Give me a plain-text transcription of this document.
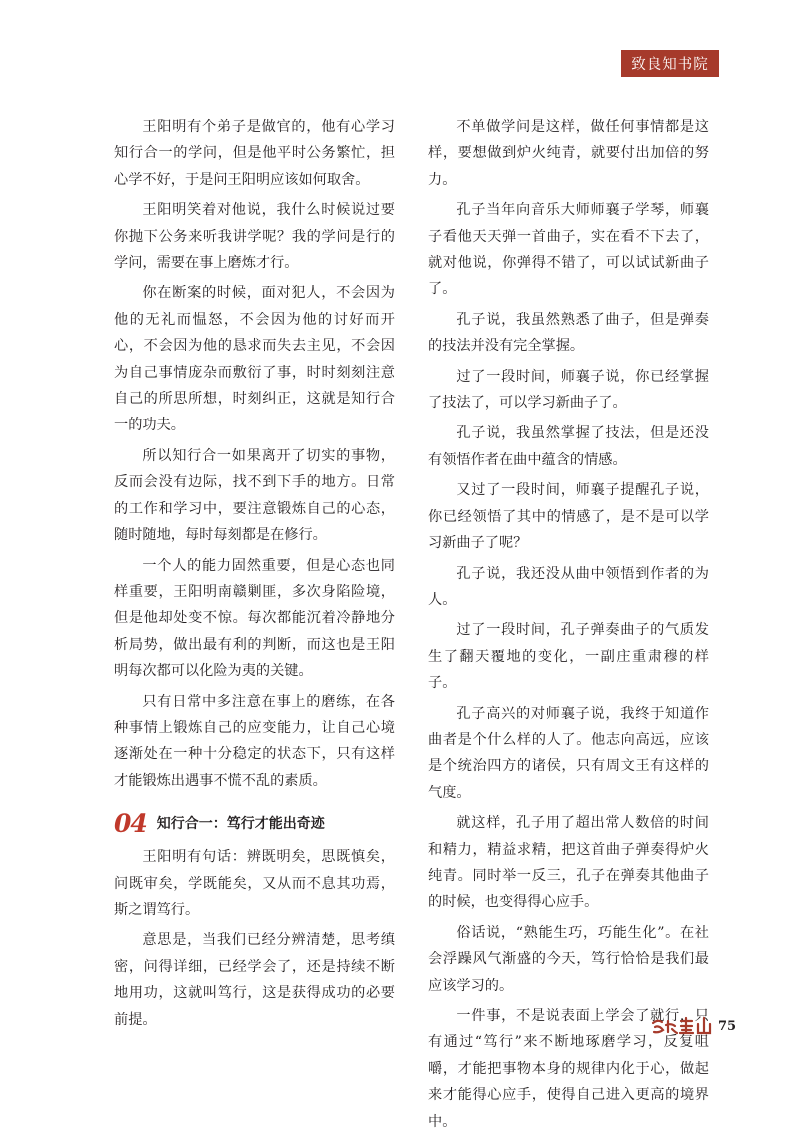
致良知书院

王阳明有个弟子是做官的，他有心学习知行合一的学问，但是他平时公务繁忙，担心学不好，于是问王阳明应该如何取舍。

王阳明笑着对他说，我什么时候说过要你抛下公务来听我讲学呢？我的学问是行的学问，需要在事上磨炼才行。

你在断案的时候，面对犯人，不会因为他的无礼而愠怒，不会因为他的讨好而开心，不会因为他的恳求而失去主见，不会因为自己事情庞杂而敷衍了事，时时刻刻注意自己的所思所想，时刻纠正，这就是知行合一的功夫。

所以知行合一如果离开了切实的事物，反而会没有边际，找不到下手的地方。日常的工作和学习中，要注意锻炼自己的心态，随时随地，每时每刻都是在修行。

一个人的能力固然重要，但是心态也同样重要，王阳明南赣剿匪，多次身陷险境，但是他却处变不惊。每次都能沉着冷静地分析局势，做出最有利的判断，而这也是王阳明每次都可以化险为夷的关键。

只有日常中多注意在事上的磨练，在各种事情上锻炼自己的应变能力，让自己心境逐渐处在一种十分稳定的状态下，只有这样才能锻炼出遇事不慌不乱的素质。

04 知行合一：笃行才能出奇迹

王阳明有句话：辨既明矣，思既慎矣，问既审矣，学既能矣，又从而不息其功焉，斯之谓笃行。

意思是，当我们已经分辨清楚，思考缜密，问得详细，已经学会了，还是持续不断地用功，这就叫笃行，这是获得成功的必要前提。

不单做学问是这样，做任何事情都是这样，要想做到炉火纯青，就要付出加倍的努力。

孔子当年向音乐大师师襄子学琴，师襄子看他天天弹一首曲子，实在看不下去了，就对他说，你弹得不错了，可以试试新曲子了。

孔子说，我虽然熟悉了曲子，但是弹奏的技法并没有完全掌握。

过了一段时间，师襄子说，你已经掌握了技法了，可以学习新曲子了。

孔子说，我虽然掌握了技法，但是还没有领悟作者在曲中蕴含的情感。

又过了一段时间，师襄子提醒孔子说，你已经领悟了其中的情感了，是不是可以学习新曲子了呢？

孔子说，我还没从曲中领悟到作者的为人。

过了一段时间，孔子弹奏曲子的气质发生了翻天覆地的变化，一副庄重肃穆的样子。

孔子高兴的对师襄子说，我终于知道作曲者是个什么样的人了。他志向高远，应该是个统治四方的诸侯，只有周文王有这样的气度。

就这样，孔子用了超出常人数倍的时间和精力，精益求精，把这首曲子弹奏得炉火纯青。同时举一反三，孔子在弹奏其他曲子的时候，也变得得心应手。

俗话说，“熟能生巧，巧能生化”。在社会浮躁风气渐盛的今天，笃行恰恰是我们最应该学习的。

一件事，不是说表面上学会了就行，只有通过“笃行”来不断地琢磨学习，反复咀嚼，才能把事物本身的规律内化于心，做起来才能得心应手，使得自己进入更高的境界中。

75
